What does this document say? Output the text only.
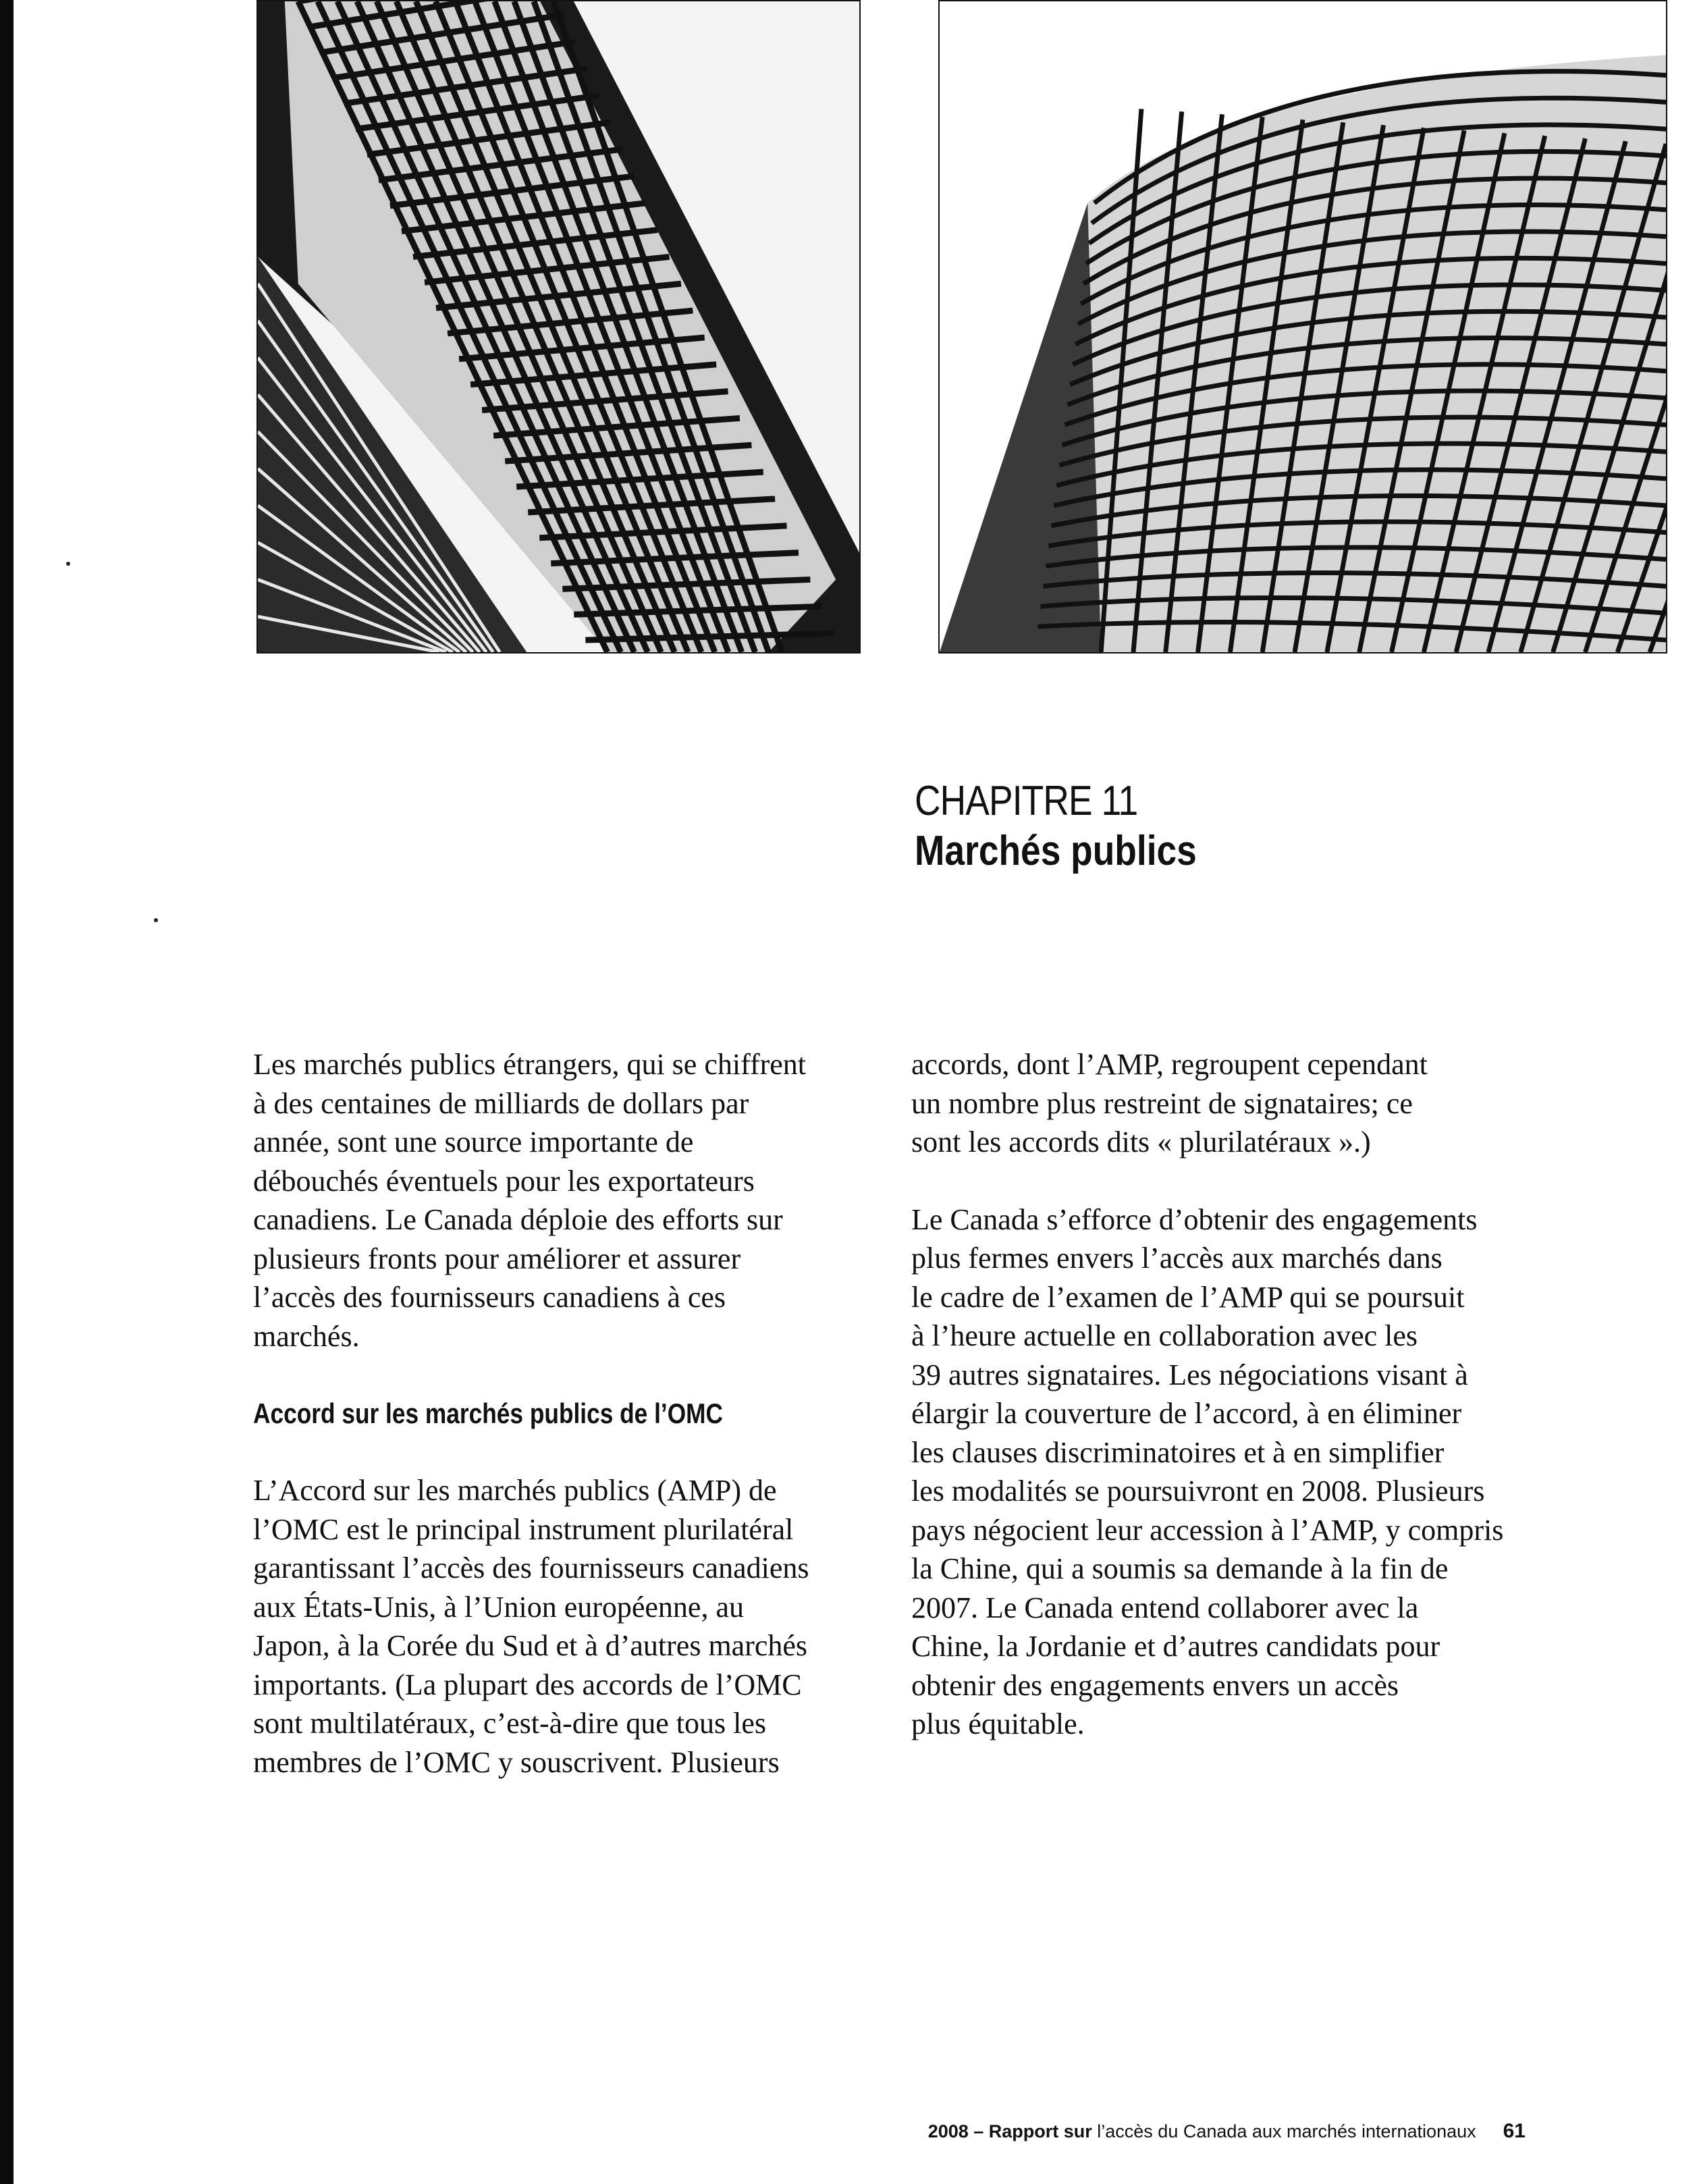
CHAPITRE 11
Marchés publics

Les marchés publics étrangers, qui se chiffrent
à des centaines de milliards de dollars par
année, sont une source importante de
débouchés éventuels pour les exportateurs
canadiens. Le Canada déploie des efforts sur
plusieurs fronts pour améliorer et assurer
l’accès des fournisseurs canadiens à ces
marchés.

Accord sur les marchés publics de l’OMC

L’Accord sur les marchés publics (AMP) de
l’OMC est le principal instrument plurilatéral
garantissant l’accès des fournisseurs canadiens
aux États-Unis, à l’Union européenne, au
Japon, à la Corée du Sud et à d’autres marchés
importants. (La plupart des accords de l’OMC
sont multilatéraux, c’est-à-dire que tous les
membres de l’OMC y souscrivent. Plusieurs

accords, dont l’AMP, regroupent cependant
un nombre plus restreint de signataires; ce
sont les accords dits « plurilatéraux ».)

Le Canada s’efforce d’obtenir des engagements
plus fermes envers l’accès aux marchés dans
le cadre de l’examen de l’AMP qui se poursuit
à l’heure actuelle en collaboration avec les
39 autres signataires. Les négociations visant à
élargir la couverture de l’accord, à en éliminer
les clauses discriminatoires et à en simplifier
les modalités se poursuivront en 2008. Plusieurs
pays négocient leur accession à l’AMP, y compris
la Chine, qui a soumis sa demande à la fin de
2007. Le Canada entend collaborer avec la
Chine, la Jordanie et d’autres candidats pour
obtenir des engagements envers un accès
plus équitable.

2008 – Rapport sur l’accès du Canada aux marchés internationaux 61
